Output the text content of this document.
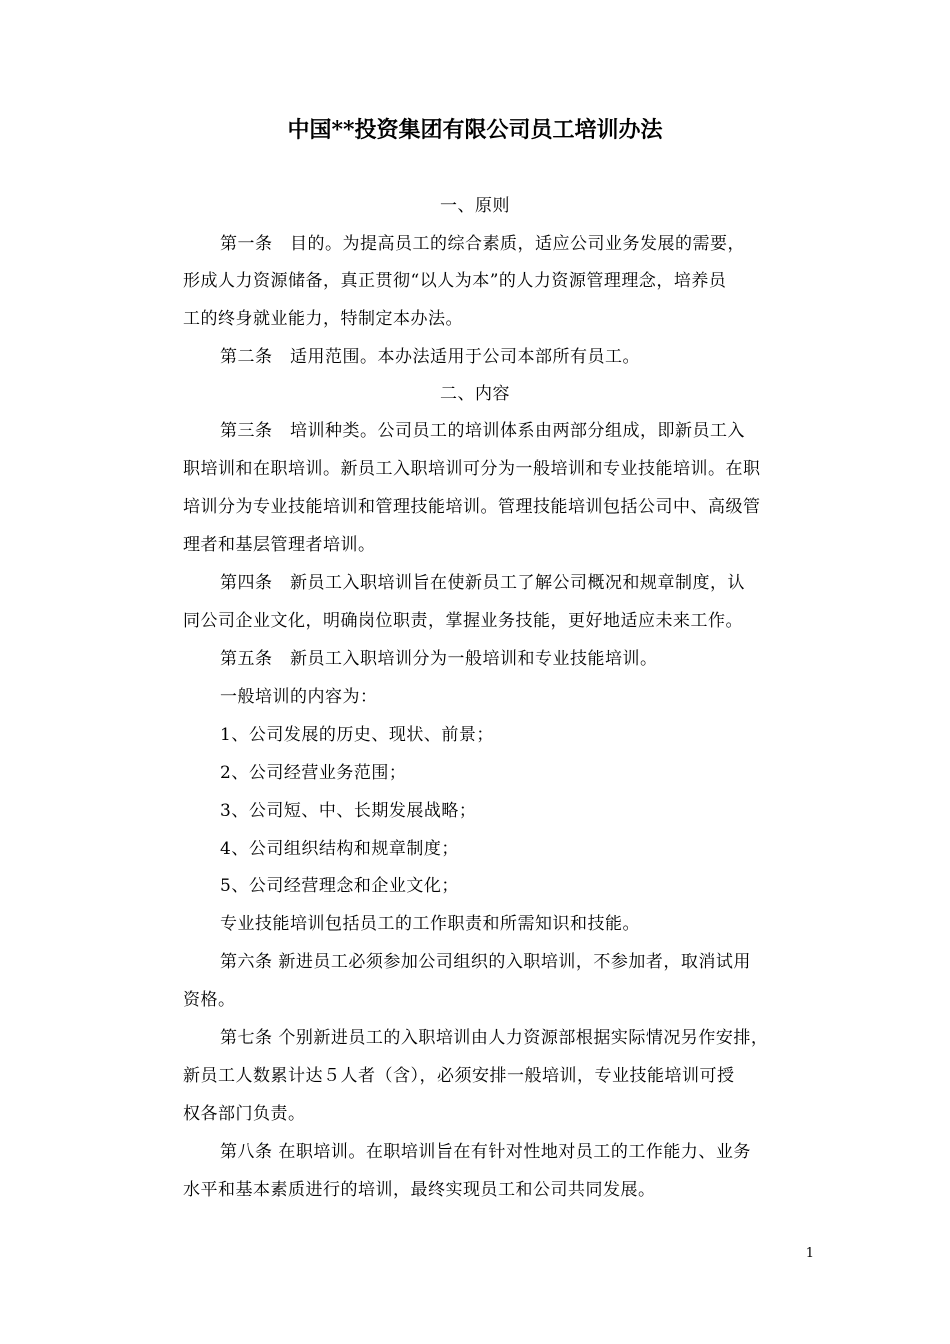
中国**投资集团有限公司员工培训办法
一、原则
第一条　目的。为提高员工的综合素质，适应公司业务发展的需要，
形成人力资源储备，真正贯彻“以人为本”的人力资源管理理念，培养员
工的终身就业能力，特制定本办法。
第二条　适用范围。本办法适用于公司本部所有员工。
二、内容
第三条　培训种类。公司员工的培训体系由两部分组成，即新员工入
职培训和在职培训。新员工入职培训可分为一般培训和专业技能培训。在职
培训分为专业技能培训和管理技能培训。管理技能培训包括公司中、高级管
理者和基层管理者培训。
第四条　新员工入职培训旨在使新员工了解公司概况和规章制度，认
同公司企业文化，明确岗位职责，掌握业务技能，更好地适应未来工作。
第五条　新员工入职培训分为一般培训和专业技能培训。
一般培训的内容为：
1、公司发展的历史、现状、前景；
2、公司经营业务范围；
3、公司短、中、长期发展战略；
4、公司组织结构和规章制度；
5、公司经营理念和企业文化；
专业技能培训包括员工的工作职责和所需知识和技能。
第六条 新进员工必须参加公司组织的入职培训，不参加者，取消试用
资格。
第七条 个别新进员工的入职培训由人力资源部根据实际情况另作安排，
新员工人数累计达５人者（含），必须安排一般培训，专业技能培训可授
权各部门负责。
第八条 在职培训。在职培训旨在有针对性地对员工的工作能力、业务
水平和基本素质进行的培训，最终实现员工和公司共同发展。
1
